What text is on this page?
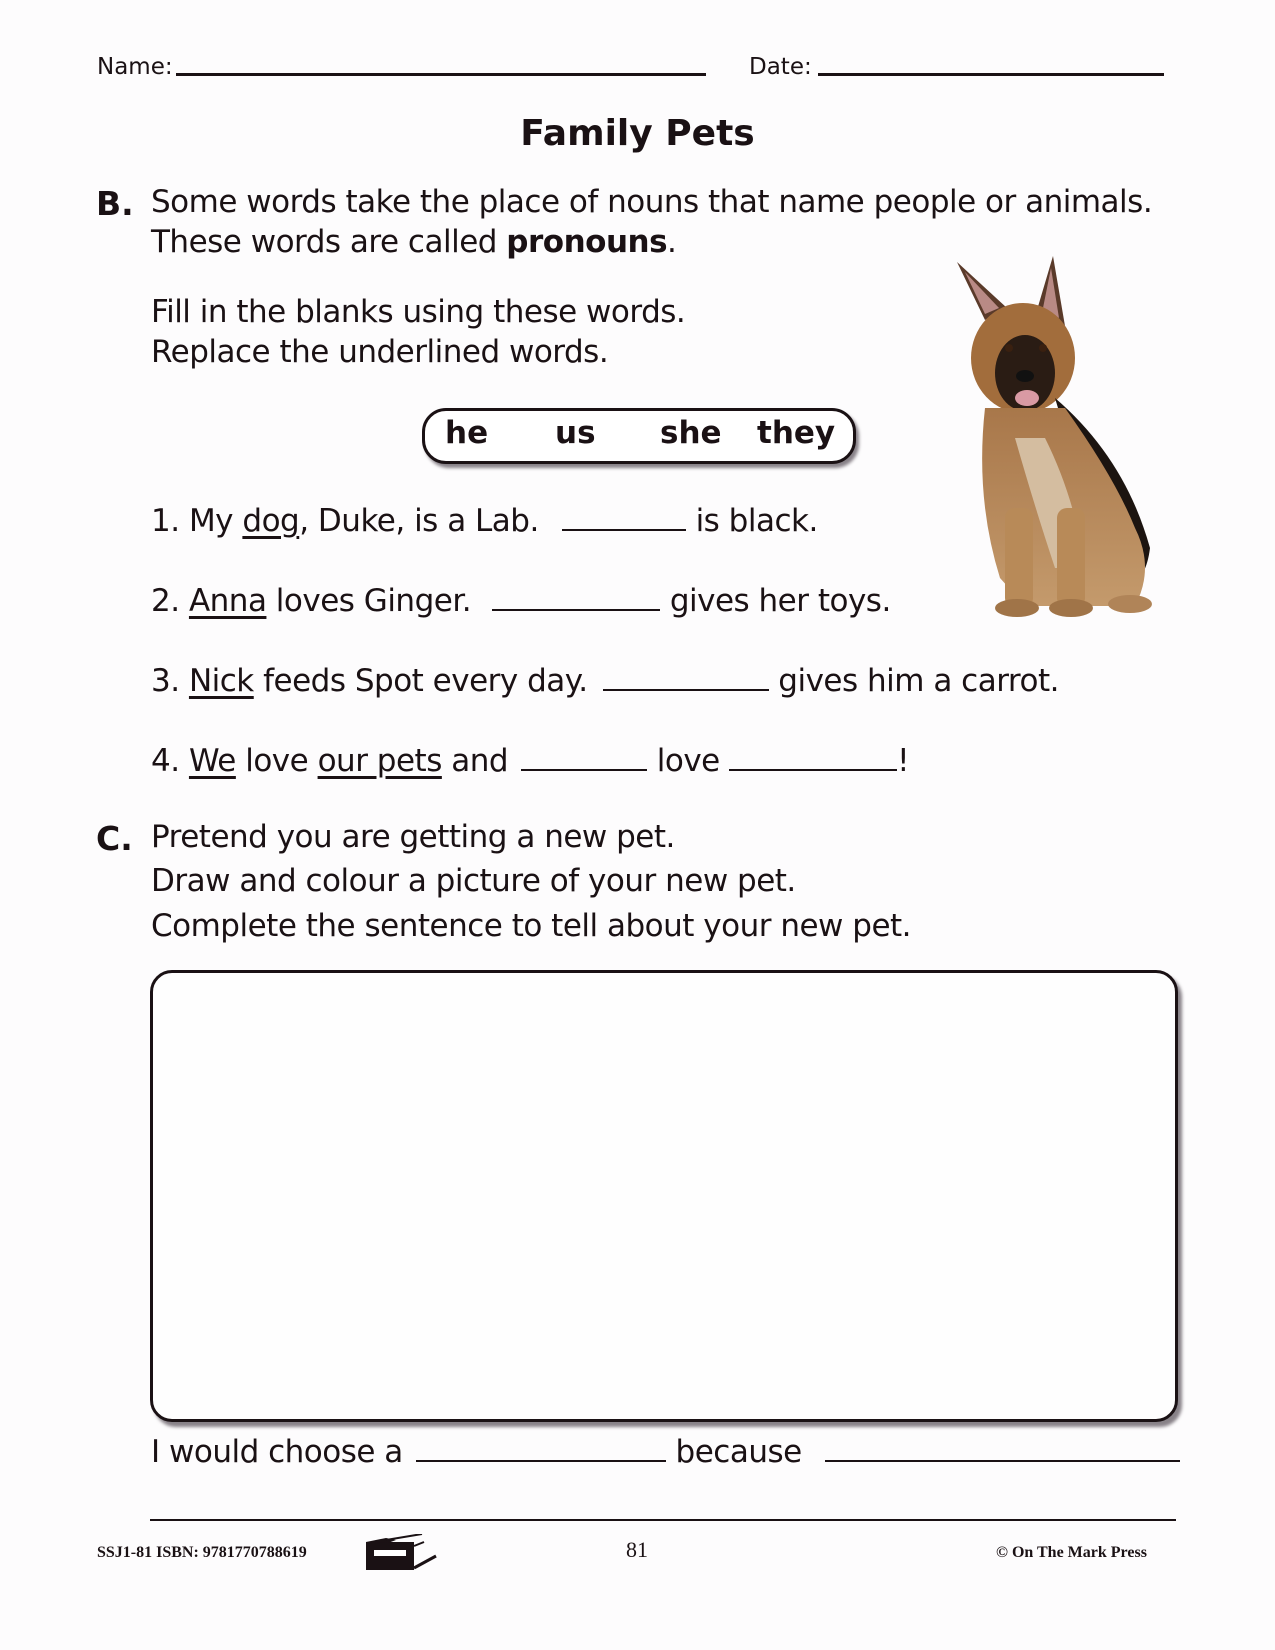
Name:	Date:
Family Pets
B. Some words take the place of nouns that name people or animals.
These words are called pronouns.
Fill in the blanks using these words.
Replace the underlined words.
he us she they
1. My dog, Duke, is a Lab.	is black.
2. Anna loves Ginger.	gives her toys.
3. Nick feeds Spot every day.	gives him a carrot.
4. We love our pets and	love	!
C. Pretend you are getting a new pet.
Draw and colour a picture of your new pet.
Complete the sentence to tell about your new pet.
I would choose a	because
SSJ1-81 ISBN: 9781770788619	81	© On The Mark Press
